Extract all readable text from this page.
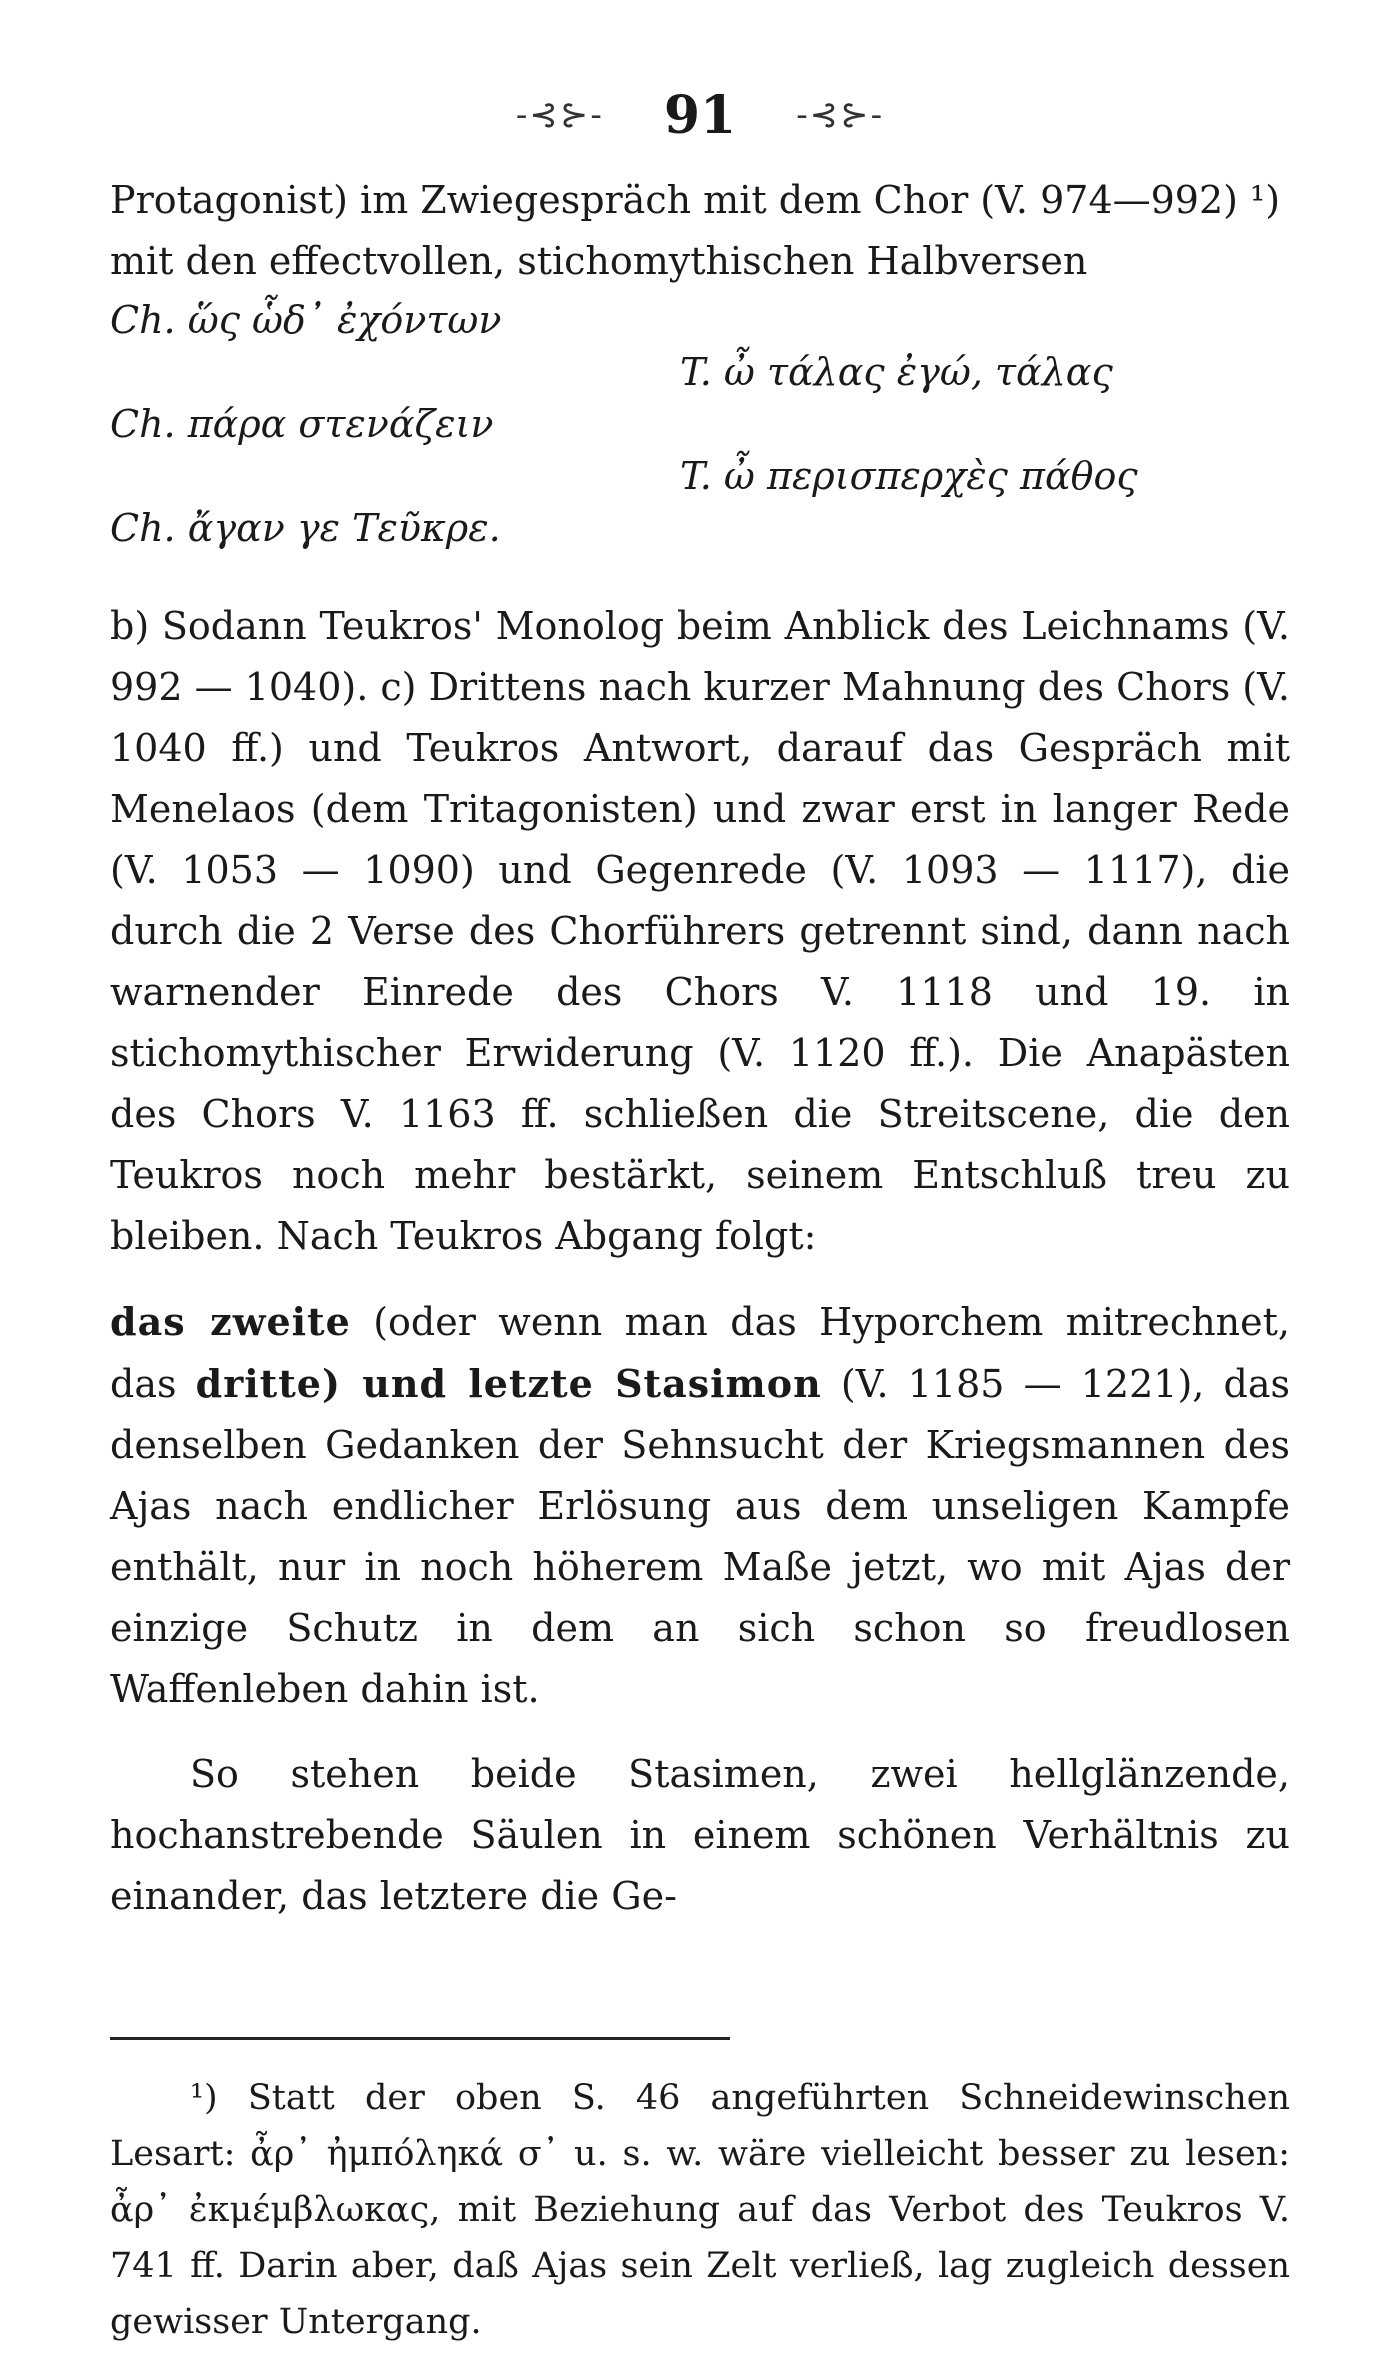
-⊰⊱- 91 -⊰⊱-

Protagonist) im Zwiegespräch mit dem Chor (V. 974—992) ¹)
mit den effectvollen, stichomythischen Halbversen

Ch. ὥς ὧδ᾽ ἐχόντων
T. ὦ τάλας ἐγώ, τάλας
Ch. πάρα στενάζειν
T. ὦ περισπερχὲς πάθος
Ch. ἄγαν γε Τεῦκρε.

b) Sodann Teukros' Monolog beim Anblick des Leichnams (V. 992 — 1040). c) Drittens nach kurzer Mahnung des Chors (V. 1040 ff.) und Teukros Antwort, darauf das Gespräch mit Menelaos (dem Tritagonisten) und zwar erst in langer Rede (V. 1053 — 1090) und Gegenrede (V. 1093 — 1117), die durch die 2 Verse des Chorführers getrennt sind, dann nach warnender Einrede des Chors V. 1118 und 19. in stichomythischer Erwiderung (V. 1120 ff.). Die Anapästen des Chors V. 1163 ff. schließen die Streitscene, die den Teukros noch mehr bestärkt, seinem Entschluß treu zu bleiben. Nach Teukros Abgang folgt:

das zweite (oder wenn man das Hyporchem mitrechnet, das dritte) und letzte Stasimon (V. 1185 — 1221), das denselben Gedanken der Sehnsucht der Kriegsmannen des Ajas nach endlicher Erlösung aus dem unseligen Kampfe enthält, nur in noch höherem Maße jetzt, wo mit Ajas der einzige Schutz in dem an sich schon so freudlosen Waffenleben dahin ist.

So stehen beide Stasimen, zwei hellglänzende, hochanstrebende Säulen in einem schönen Verhältnis zu einander, das letztere die Ge-

¹) Statt der oben S. 46 angeführten Schneidewinschen Lesart: ἆρ᾽ ἠμπόληκά σ᾽ u. s. w. wäre vielleicht besser zu lesen: ἆρ᾽ ἐκμέμβλωκας, mit Beziehung auf das Verbot des Teukros V. 741 ff. Darin aber, daß Ajas sein Zelt verließ, lag zugleich dessen gewisser Untergang.
